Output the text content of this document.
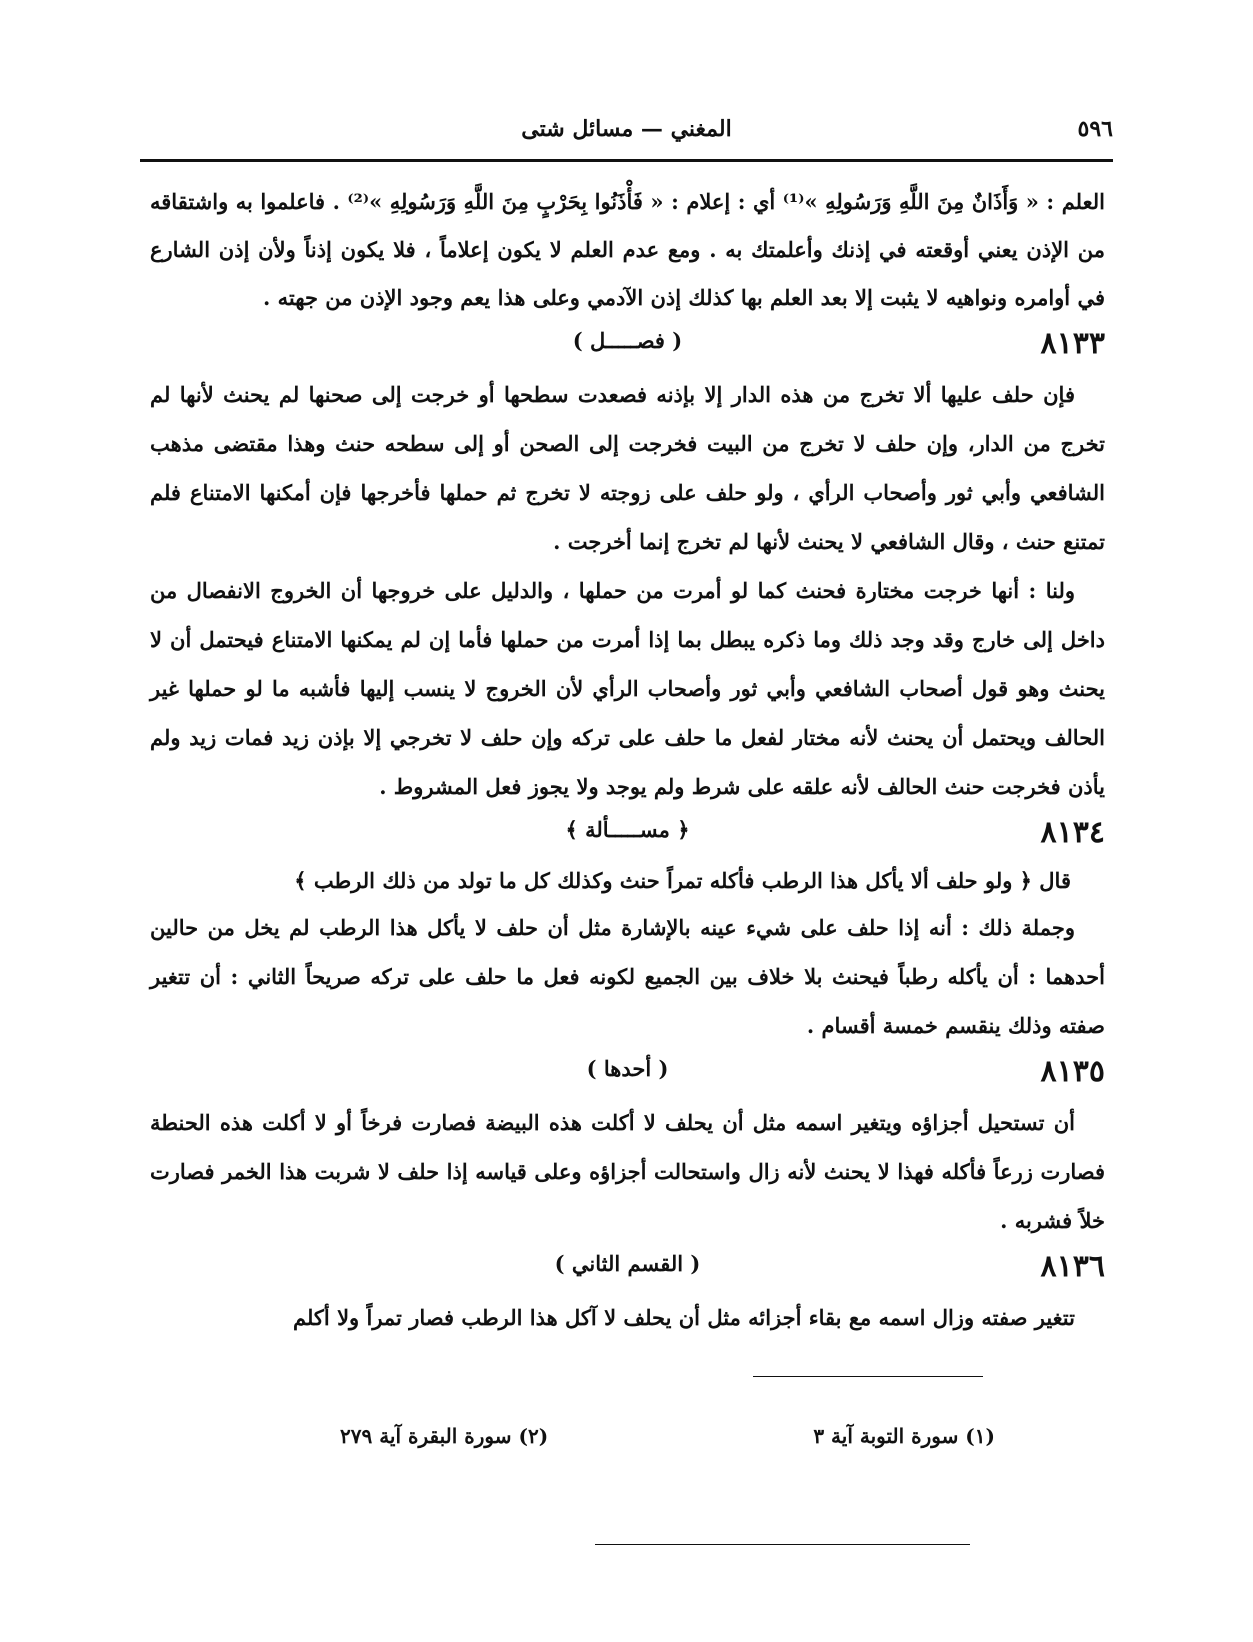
٥٩٦
المغني — مسائل شتى

العلم : « وَأَذَانٌ مِنَ اللَّهِ وَرَسُولِهِ »⁽¹⁾ أي : إعلام : « فَأْذَنُوا بِحَرْبٍ مِنَ اللَّهِ وَرَسُولِهِ »⁽²⁾ . فاعلموا به واشتقاقه من الإذن يعني أوقعته في إذنك وأعلمتك به . ومع عدم العلم لا يكون إعلاماً ، فلا يكون إذناً ولأن إذن الشارع في أوامره ونواهيه لا يثبت إلا بعد العلم بها كذلك إذن الآدمي وعلى هذا يعم وجود الإذن من جهته .

٨١٣٣
( فصـــــل )

فإن حلف عليها ألا تخرج من هذه الدار إلا بإذنه فصعدت سطحها أو خرجت إلى صحنها لم يحنث لأنها لم تخرج من الدار، وإن حلف لا تخرج من البيت فخرجت إلى الصحن أو إلى سطحه حنث وهذا مقتضى مذهب الشافعي وأبي ثور وأصحاب الرأي ، ولو حلف على زوجته لا تخرج ثم حملها فأخرجها فإن أمكنها الامتناع فلم تمتنع حنث ، وقال الشافعي لا يحنث لأنها لم تخرج إنما أخرجت .

ولنا : أنها خرجت مختارة فحنث كما لو أمرت من حملها ، والدليل على خروجها أن الخروج الانفصال من داخل إلى خارج وقد وجد ذلك وما ذكره يبطل بما إذا أمرت من حملها فأما إن لم يمكنها الامتناع فيحتمل أن لا يحنث وهو قول أصحاب الشافعي وأبي ثور وأصحاب الرأي لأن الخروج لا ينسب إليها فأشبه ما لو حملها غير الحالف ويحتمل أن يحنث لأنه مختار لفعل ما حلف على تركه وإن حلف لا تخرجي إلا بإذن زيد فمات زيد ولم يأذن فخرجت حنث الحالف لأنه علقه على شرط ولم يوجد ولا يجوز فعل المشروط .

٨١٣٤
﴿ مســـــألة ﴾

قال ﴿ ولو حلف ألا يأكل هذا الرطب فأكله تمراً حنث وكذلك كل ما تولد من ذلك الرطب ﴾

وجملة ذلك : أنه إذا حلف على شيء عينه بالإشارة مثل أن حلف لا يأكل هذا الرطب لم يخل من حالين أحدهما : أن يأكله رطباً فيحنث بلا خلاف بين الجميع لكونه فعل ما حلف على تركه صريحاً الثاني : أن تتغير صفته وذلك ينقسم خمسة أقسام .

٨١٣٥
( أحدها )

أن تستحيل أجزاؤه ويتغير اسمه مثل أن يحلف لا أكلت هذه البيضة فصارت فرخاً أو لا أكلت هذه الحنطة فصارت زرعاً فأكله فهذا لا يحنث لأنه زال واستحالت أجزاؤه وعلى قياسه إذا حلف لا شربت هذا الخمر فصارت خلاً فشربه .

٨١٣٦
( القسم الثاني )

تتغير صفته وزال اسمه مع بقاء أجزائه مثل أن يحلف لا آكل هذا الرطب فصار تمراً ولا أكلم

(١) سورة التوبة آية ٣
(٢) سورة البقرة آية ٢٧٩
